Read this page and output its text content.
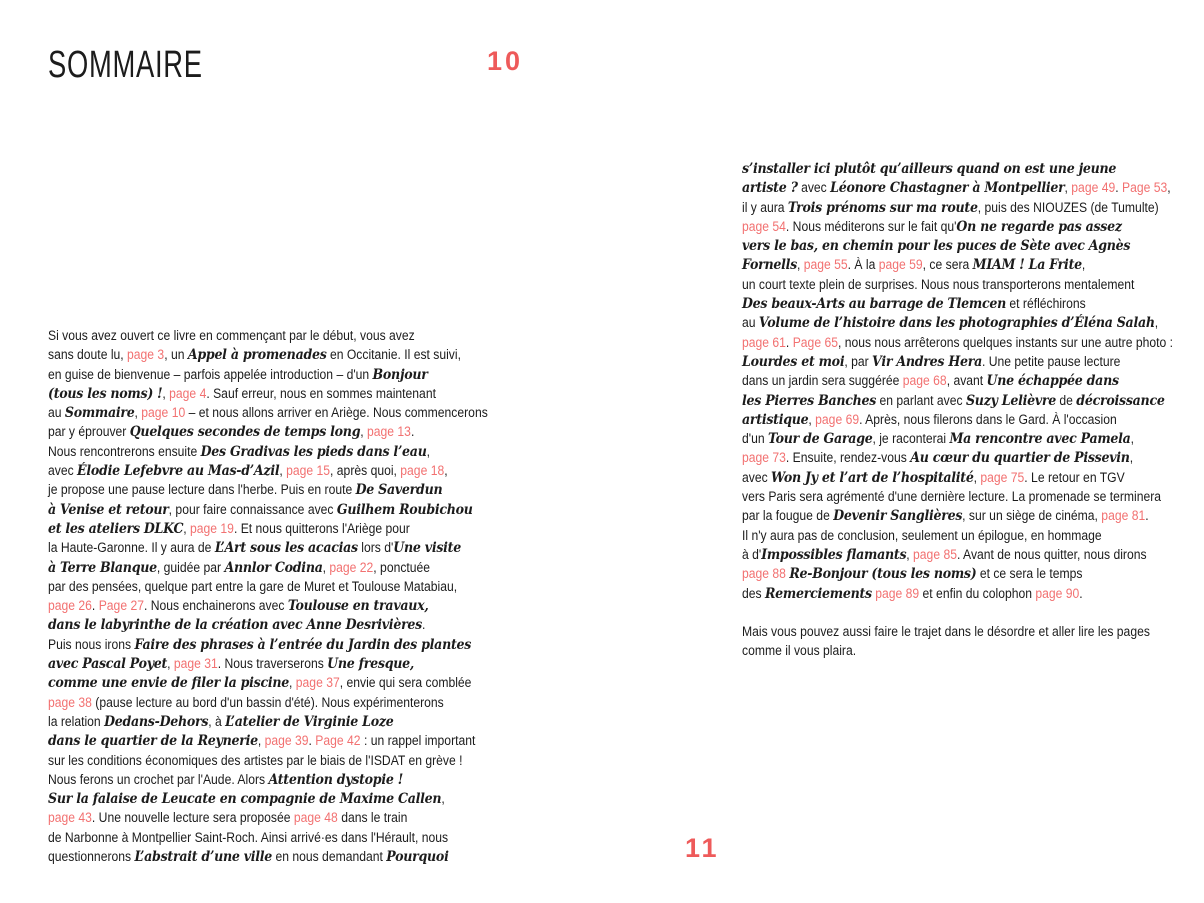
SOMMAIRE	10
Si vous avez ouvert ce livre en commençant par le début, vous avez
sans doute lu, page 3, un Appel à promenades en Occitanie. Il est suivi,
en guise de bienvenue – parfois appelée introduction – d'un Bonjour
(tous les noms) !, page 4. Sauf erreur, nous en sommes maintenant
au Sommaire, page 10 – et nous allons arriver en Ariège. Nous commencerons
par y éprouver Quelques secondes de temps long, page 13.
Nous rencontrerons ensuite Des Gradivas les pieds dans l’eau,
avec Élodie Lefebvre au Mas-d’Azil, page 15, après quoi, page 18,
je propose une pause lecture dans l'herbe. Puis en route De Saverdun
à Venise et retour, pour faire connaissance avec Guilhem Roubichou
et les ateliers DLKC, page 19. Et nous quitterons l'Ariège pour
la Haute-Garonne. Il y aura de L’Art sous les acacias lors d'Une visite
à Terre Blanque, guidée par Annlor Codina, page 22, ponctuée
par des pensées, quelque part entre la gare de Muret et Toulouse Matabiau,
page 26. Page 27. Nous enchainerons avec Toulouse en travaux,
dans le labyrinthe de la création avec Anne Desrivières.
Puis nous irons Faire des phrases à l’entrée du Jardin des plantes
avec Pascal Poyet, page 31. Nous traverserons Une fresque,
comme une envie de filer la piscine, page 37, envie qui sera comblée
page 38 (pause lecture au bord d'un bassin d'été). Nous expérimenterons
la relation Dedans-Dehors, à L’atelier de Virginie Loze
dans le quartier de la Reynerie, page 39. Page 42 : un rappel important
sur les conditions économiques des artistes par le biais de l'ISDAT en grève !
Nous ferons un crochet par l'Aude. Alors Attention dystopie !
Sur la falaise de Leucate en compagnie de Maxime Callen,
page 43. Une nouvelle lecture sera proposée page 48 dans le train
de Narbonne à Montpellier Saint-Roch. Ainsi arrivé·es dans l'Hérault, nous
questionnerons L’abstrait d’une ville en nous demandant Pourquoi
s’installer ici plutôt qu’ailleurs quand on est une jeune
artiste ? avec Léonore Chastagner à Montpellier, page 49. Page 53,
il y aura Trois prénoms sur ma route, puis des NIOUZES (de Tumulte)
page 54. Nous méditerons sur le fait qu'On ne regarde pas assez
vers le bas, en chemin pour les puces de Sète avec Agnès
Fornells, page 55. À la page 59, ce sera MIAM ! La Frite,
un court texte plein de surprises. Nous nous transporterons mentalement
Des beaux-Arts au barrage de Tlemcen et réfléchirons
au Volume de l’histoire dans les photographies d’Éléna Salah,
page 61. Page 65, nous nous arrêterons quelques instants sur une autre photo :
Lourdes et moi, par Vir Andres Hera. Une petite pause lecture
dans un jardin sera suggérée page 68, avant Une échappée dans
les Pierres Banches en parlant avec Suzy Lelièvre de décroissance
artistique, page 69. Après, nous filerons dans le Gard. À l'occasion
d'un Tour de Garage, je raconterai Ma rencontre avec Pamela,
page 73. Ensuite, rendez-vous Au cœur du quartier de Pissevin,
avec Won Jy et l’art de l’hospitalité, page 75. Le retour en TGV
vers Paris sera agrémenté d'une dernière lecture. La promenade se terminera
par la fougue de Devenir Sanglières, sur un siège de cinéma, page 81.
Il n'y aura pas de conclusion, seulement un épilogue, en hommage
à d'Impossibles flamants, page 85. Avant de nous quitter, nous dirons
page 88 Re-Bonjour (tous les noms) et ce sera le temps
des Remerciements page 89 et enfin du colophon page 90.

Mais vous pouvez aussi faire le trajet dans le désordre et aller lire les pages
comme il vous plaira.
11
